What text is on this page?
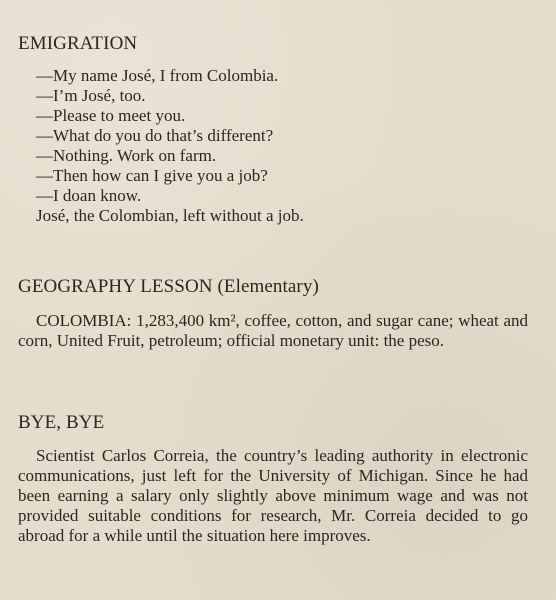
EMIGRATION
—My name José, I from Colombia.
—I’m José, too.
—Please to meet you.
—What do you do that’s different?
—Nothing. Work on farm.
—Then how can I give you a job?
—I doan know.
José, the Colombian, left without a job.
GEOGRAPHY LESSON (Elementary)

COLOMBIA: 1,283,400 km², coffee, cotton, and sugar cane; wheat and corn, United Fruit, petroleum; official monetary unit: the peso.

BYE, BYE

Scientist Carlos Correia, the country’s leading authority in electronic communications, just left for the University of Michigan. Since he had been earning a salary only slightly above minimum wage and was not provided suitable conditions for research, Mr. Correia decided to go abroad for a while until the situation here improves.
